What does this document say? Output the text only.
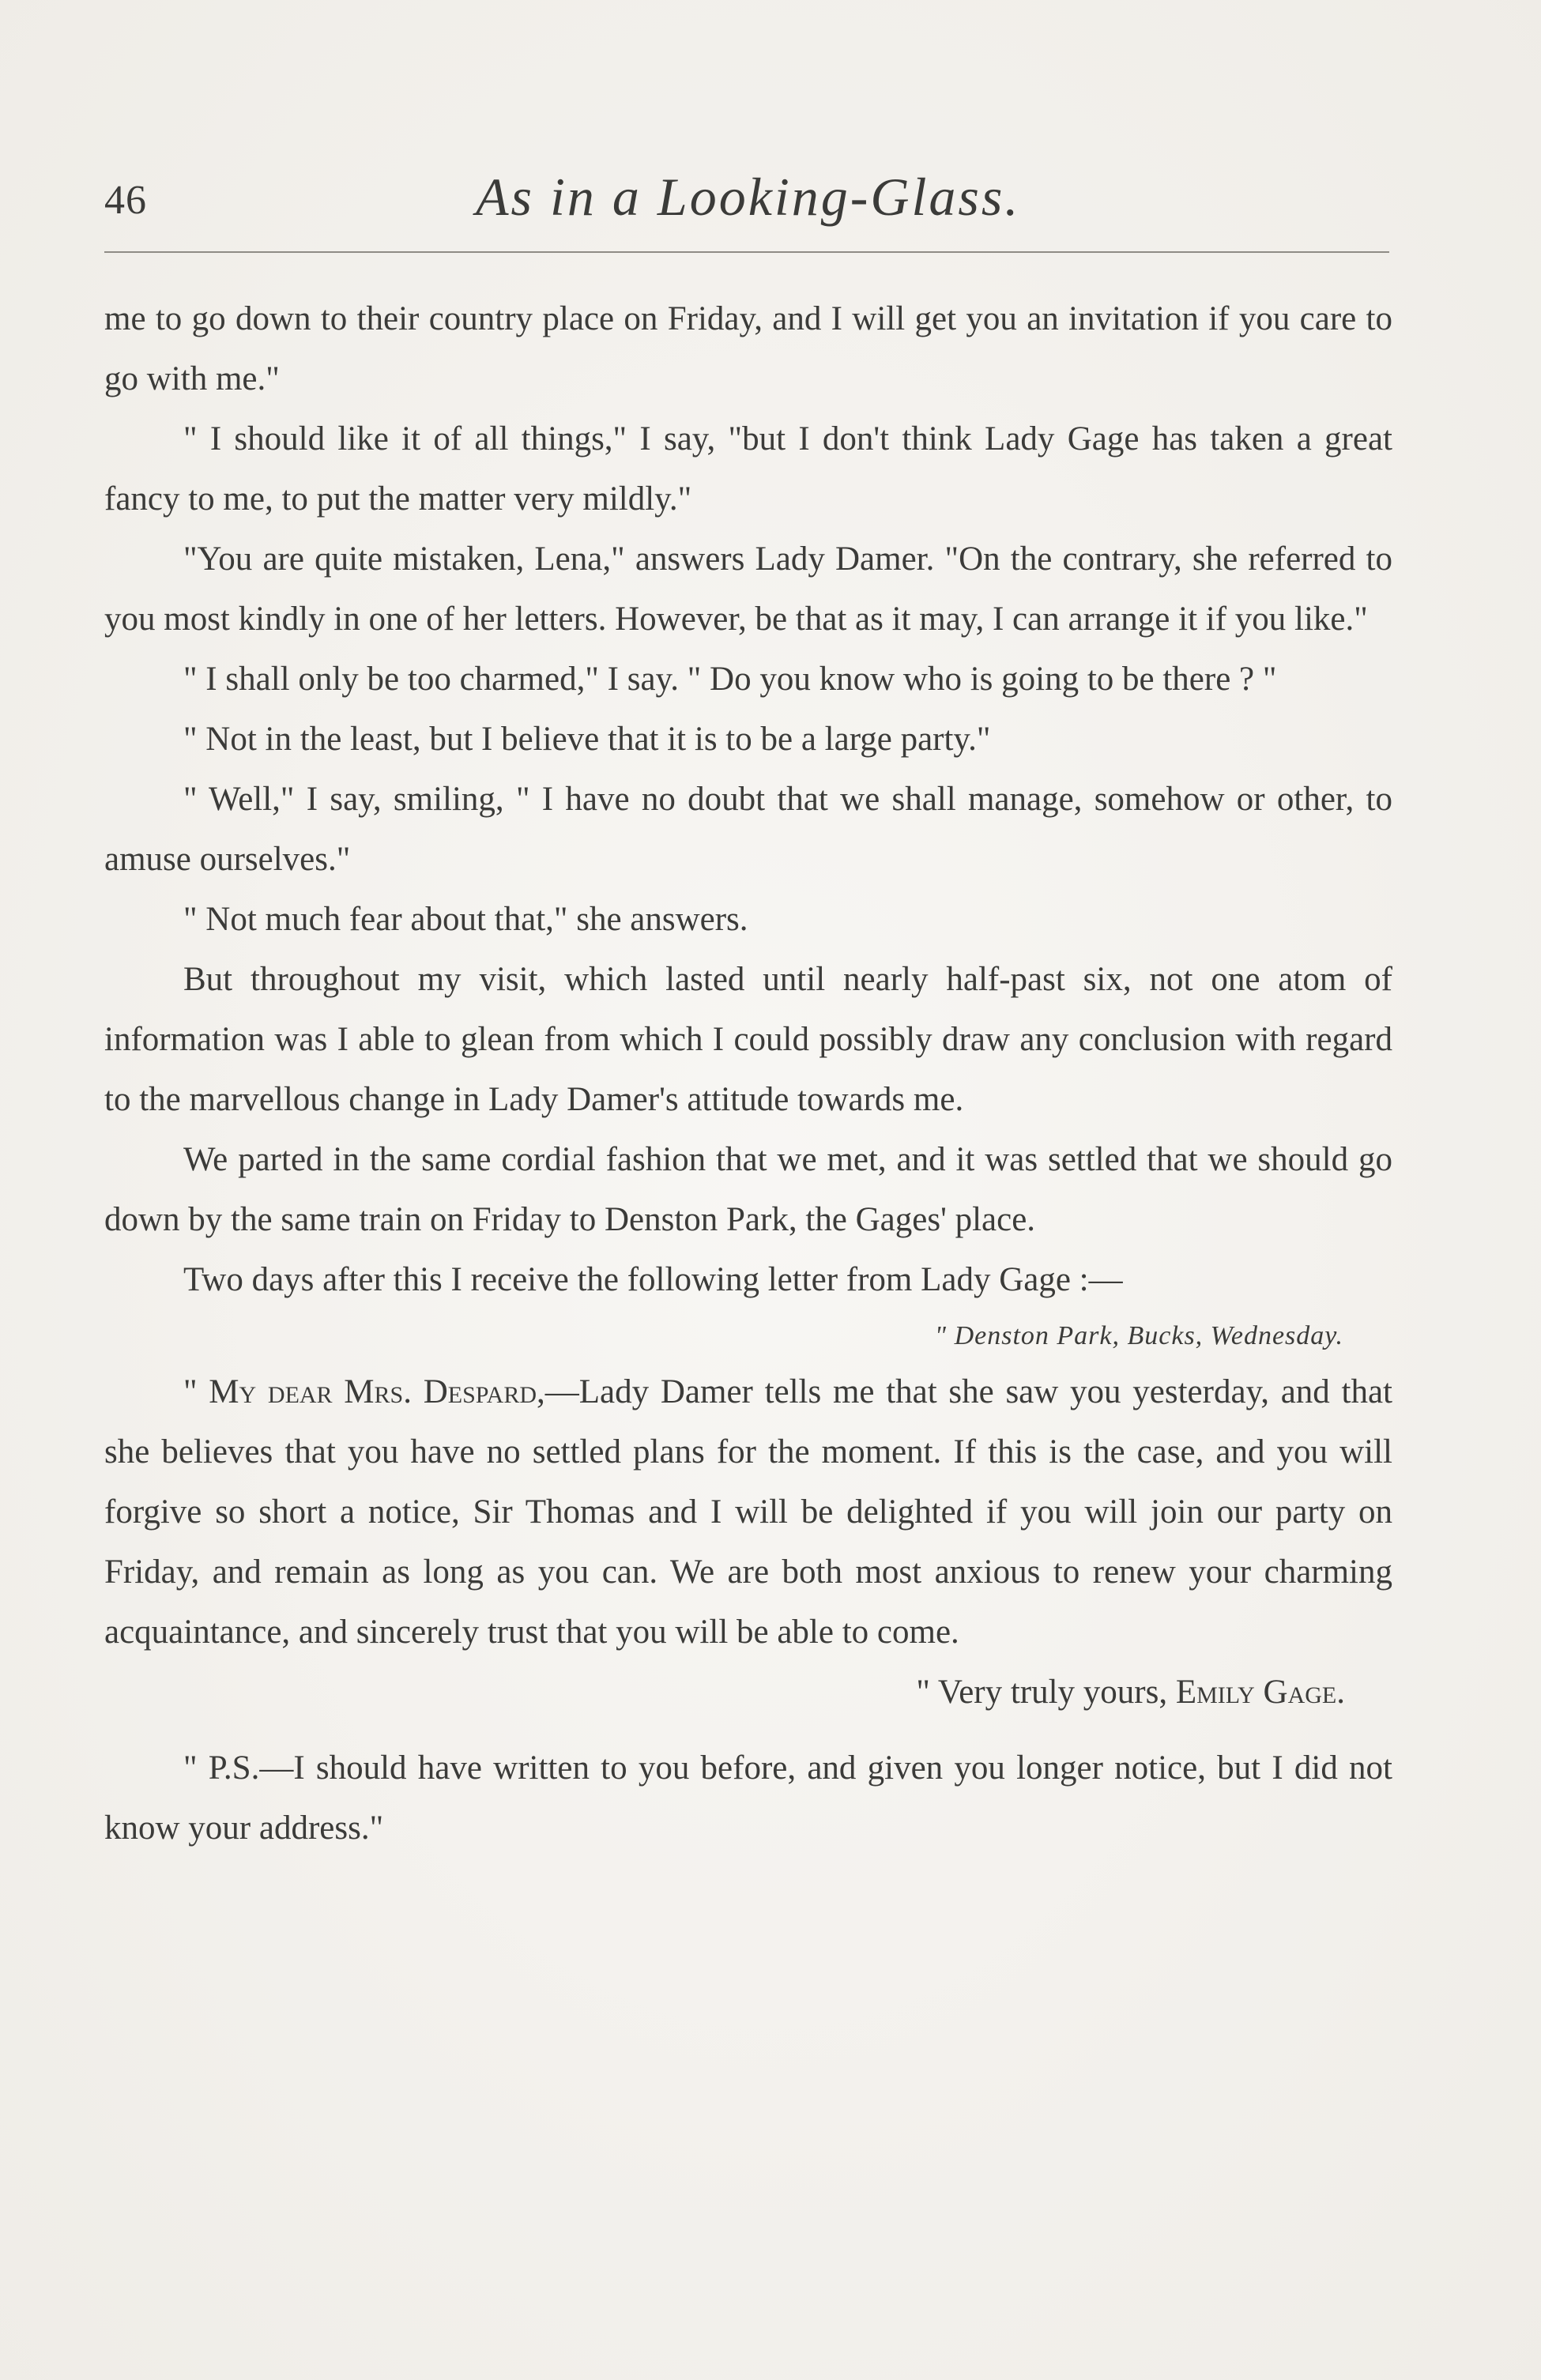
46	As in a Looking-Glass.

me to go down to their country place on Friday, and I will get you an invitation if you care to go with me."

" I should like it of all things," I say, "but I don't think Lady Gage has taken a great fancy to me, to put the matter very mildly."

"You are quite mistaken, Lena," answers Lady Damer. "On the contrary, she referred to you most kindly in one of her letters. However, be that as it may, I can arrange it if you like."

" I shall only be too charmed," I say. " Do you know who is going to be there ? "

" Not in the least, but I believe that it is to be a large party."

" Well," I say, smiling, " I have no doubt that we shall manage, somehow or other, to amuse ourselves."

" Not much fear about that," she answers.

But throughout my visit, which lasted until nearly half-past six, not one atom of information was I able to glean from which I could possibly draw any conclusion with regard to the marvellous change in Lady Damer's attitude towards me.

We parted in the same cordial fashion that we met, and it was settled that we should go down by the same train on Friday to Denston Park, the Gages' place.

Two days after this I receive the following letter from Lady Gage :—

" Denston Park, Bucks, Wednesday.

" My dear Mrs. Despard,—Lady Damer tells me that she saw you yesterday, and that she believes that you have no settled plans for the moment. If this is the case, and you will forgive so short a notice, Sir Thomas and I will be delighted if you will join our party on Friday, and remain as long as you can. We are both most anxious to renew your charming acquaintance, and sincerely trust that you will be able to come.

" Very truly yours, Emily Gage.

" P.S.—I should have written to you before, and given you longer notice, but I did not know your address."
